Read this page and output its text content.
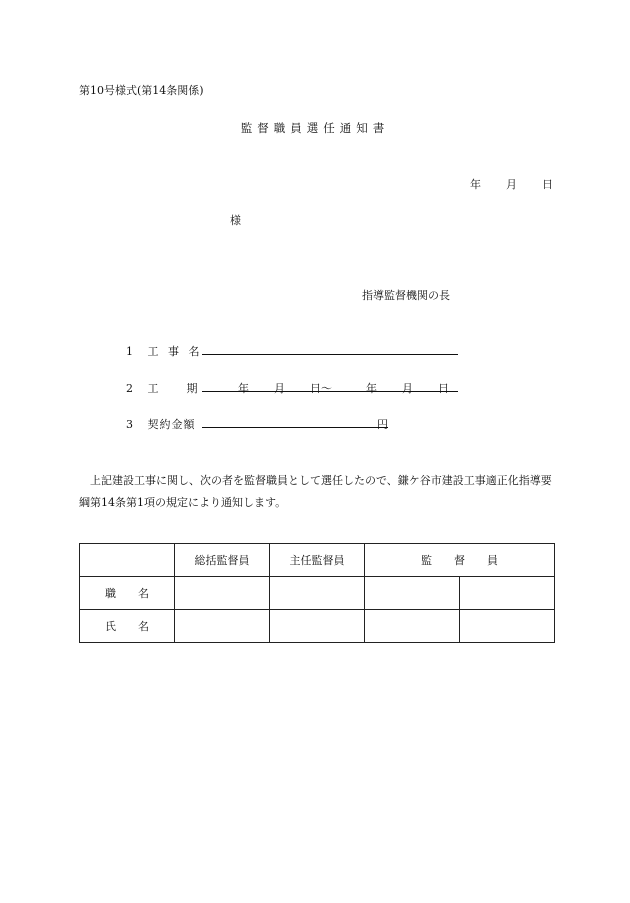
第10号様式(第14条関係)
監督職員選任通知書
年 月 日
様
指導監督機関の長
1 工 事 名
2 工　　期	年 月 日～	年 月 日
3 契約金額	円
上記建設工事に関し、次の者を監督職員として選任したので、鎌ケ谷市建設工事適正化指導要綱第14条第1項の規定により通知します。
	総括監督員	主任監督員	監　　督　　員	
職　　名				
氏　　名				
